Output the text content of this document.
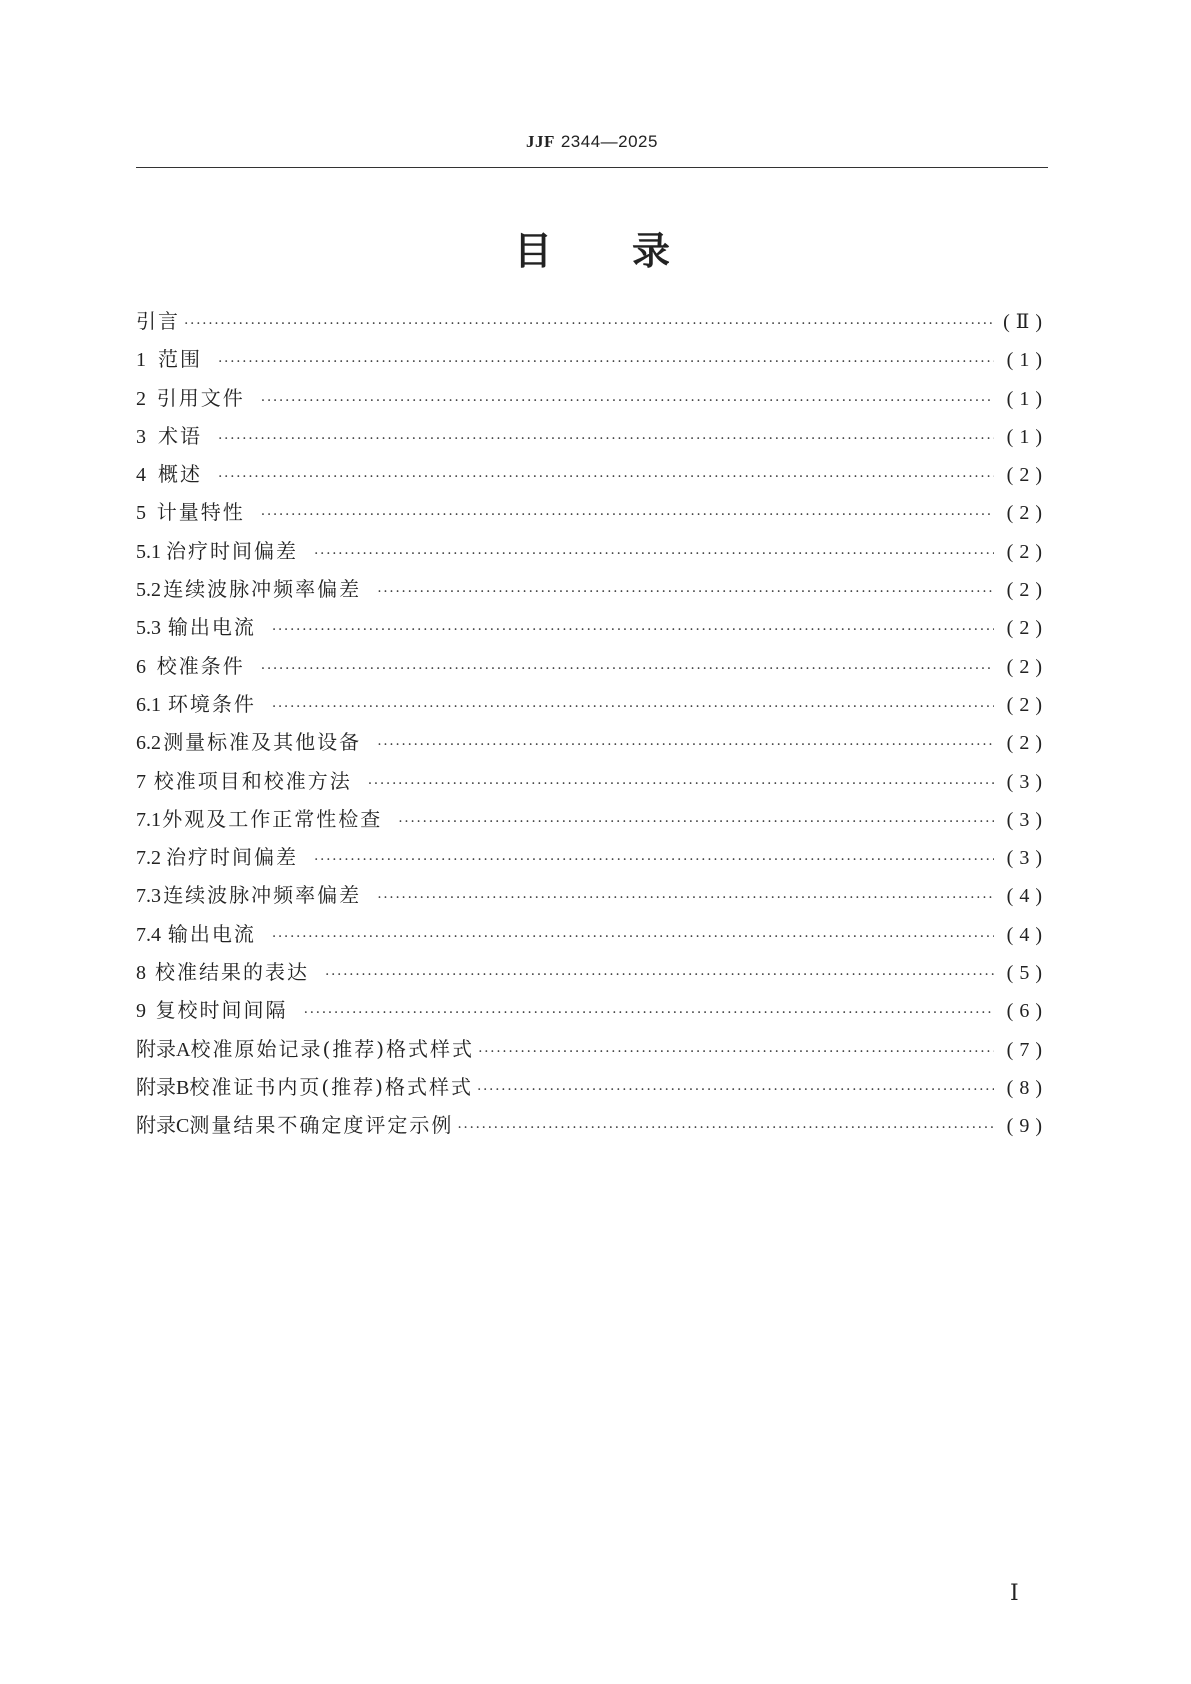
JJF 2344—2025
目录
引言 ·····	(Ⅱ)
1 范围 ·····	(1)
2 引用文件 ·····	(1)
3 术语 ·····	(1)
4 概述 ·····	(2)
5 计量特性 ·····	(2)
5.1 治疗时间偏差 ·····	(2)
5.2 连续波脉冲频率偏差 ·····	(2)
5.3 输出电流 ·····	(2)
6 校准条件 ·····	(2)
6.1 环境条件 ·····	(2)
6.2 测量标准及其他设备 ·····	(2)
7 校准项目和校准方法 ·····	(3)
7.1 外观及工作正常性检查 ·····	(3)
7.2 治疗时间偏差 ·····	(3)
7.3 连续波脉冲频率偏差 ·····	(4)
7.4 输出电流 ·····	(4)
8 校准结果的表达 ·····	(5)
9 复校时间间隔 ·····	(6)
附录A 校准原始记录(推荐)格式样式 ·····	(7)
附录B 校准证书内页(推荐)格式样式 ·····	(8)
附录C 测量结果不确定度评定示例 ·····	(9)
Ⅰ
